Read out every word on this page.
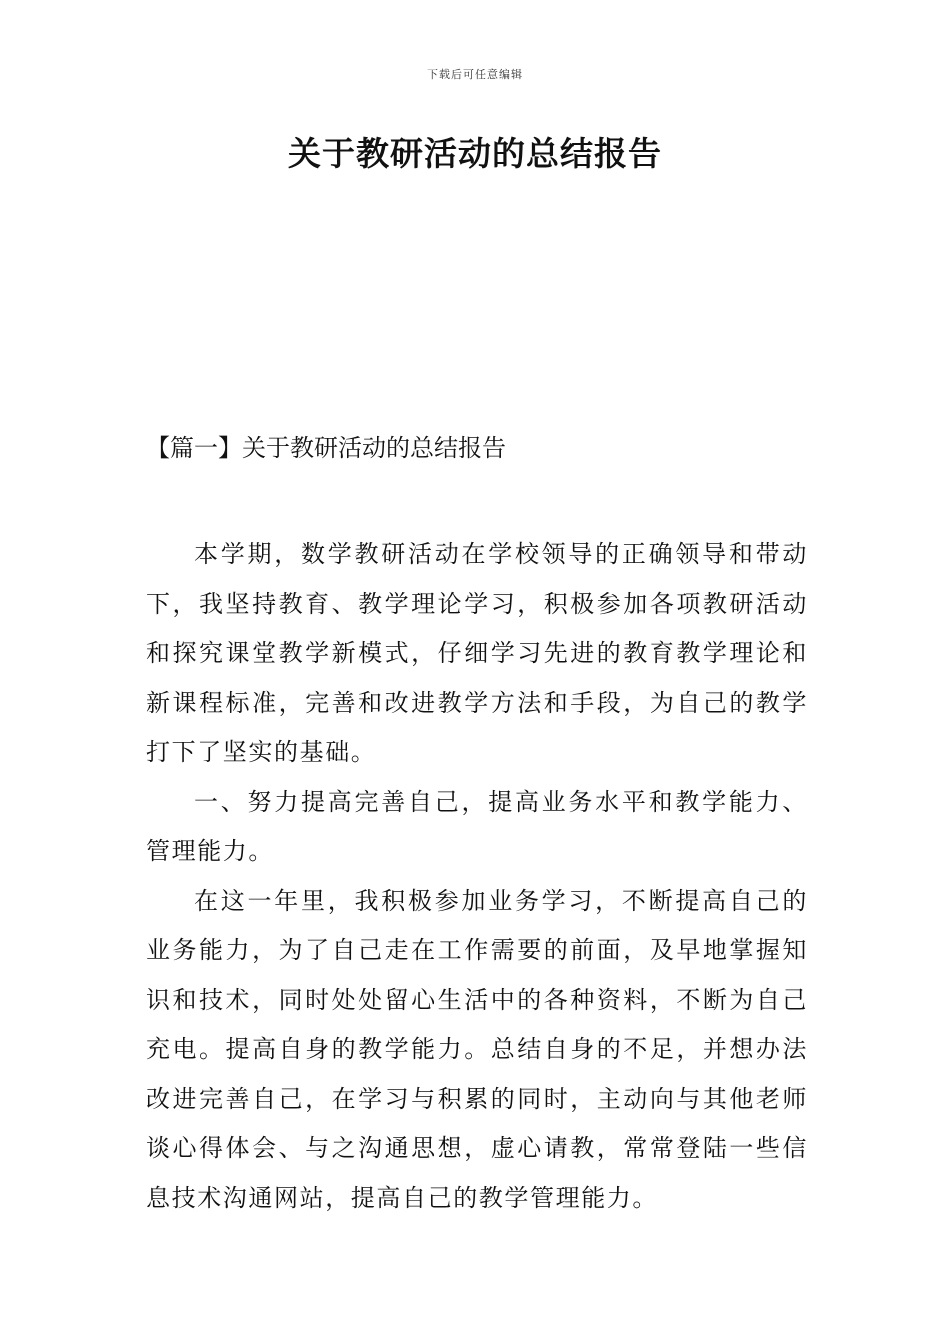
下载后可任意编辑
关于教研活动的总结报告
【篇一】关于教研活动的总结报告

本学期，数学教研活动在学校领导的正确领导和带动下，我坚持教育、教学理论学习，积极参加各项教研活动和探究课堂教学新模式，仔细学习先进的教育教学理论和新课程标准，完善和改进教学方法和手段，为自己的教学打下了坚实的基础。

一、努力提高完善自己，提高业务水平和教学能力、管理能力。

在这一年里，我积极参加业务学习，不断提高自己的业务能力，为了自己走在工作需要的前面，及早地掌握知识和技术，同时处处留心生活中的各种资料，不断为自己充电。提高自身的教学能力。总结自身的不足，并想办法改进完善自己，在学习与积累的同时，主动向与其他老师谈心得体会、与之沟通思想，虚心请教，常常登陆一些信息技术沟通网站，提高自己的教学管理能力。
